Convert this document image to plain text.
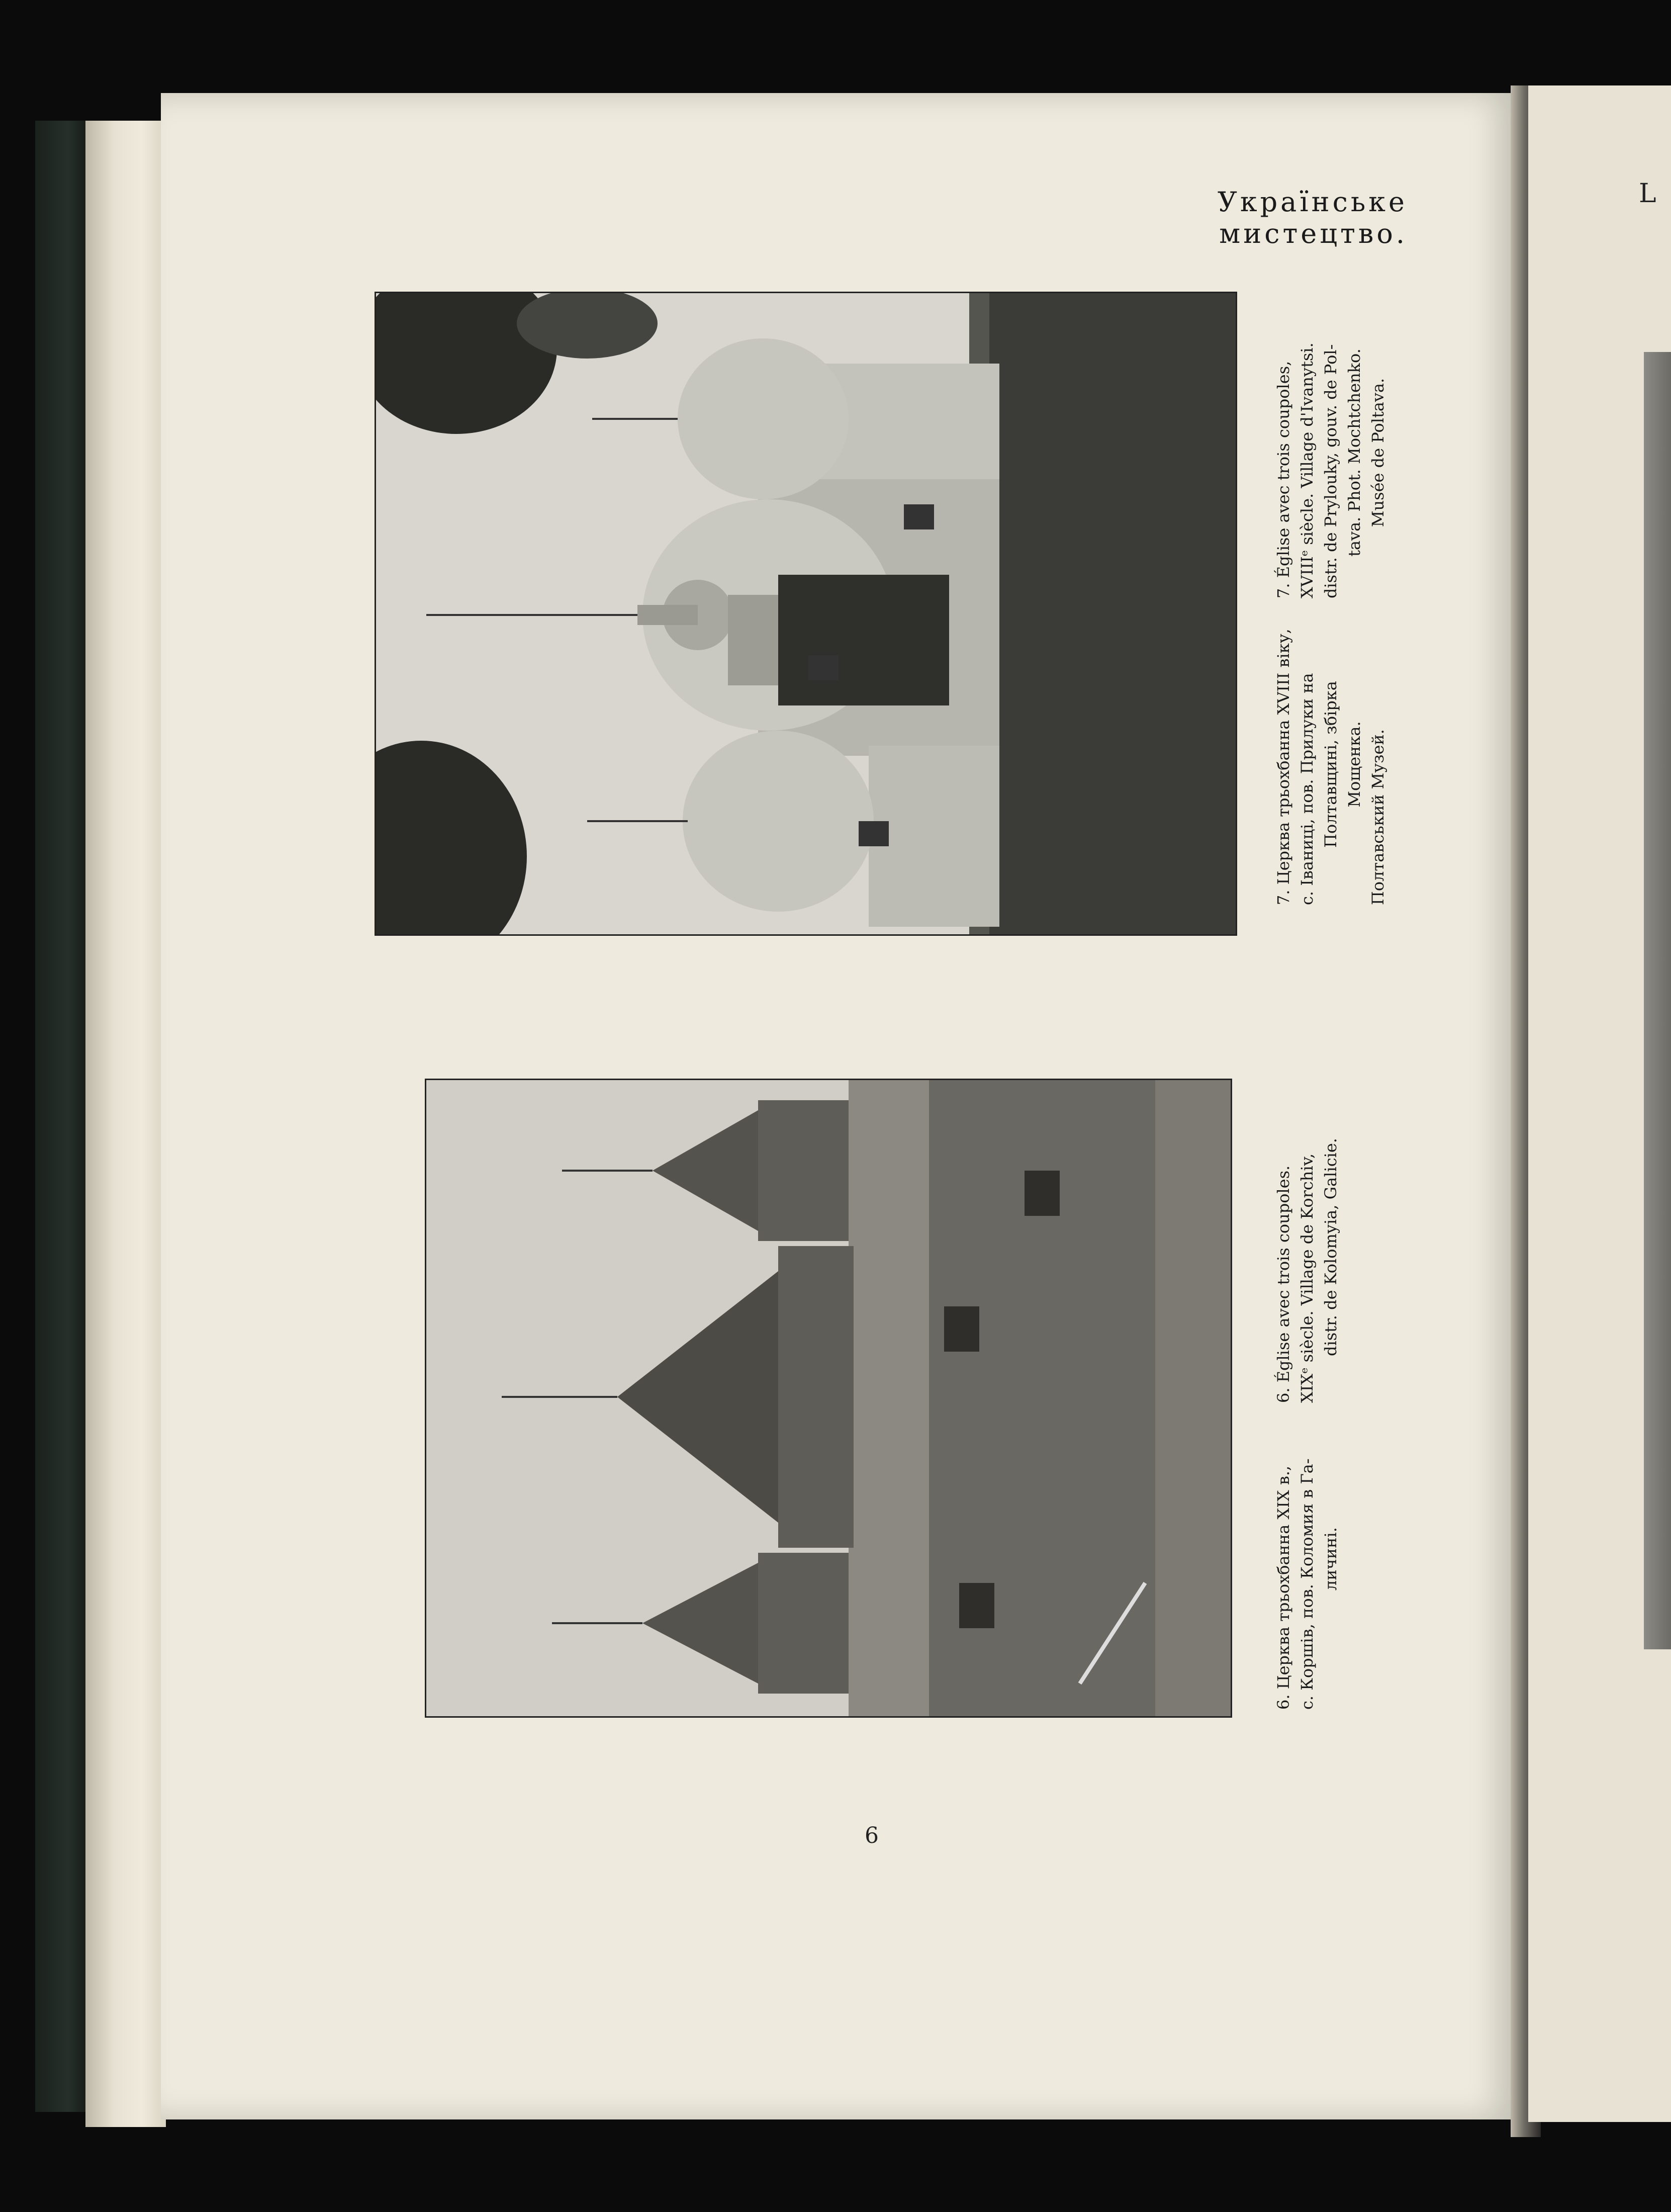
L
Українське мистецтво.
7. Церква трьохбанна XVIII віку, с. Іваниці, пов. Прилуки на Полтавщині, збірка Мощенка. Полтавський Музей.
7. Église avec trois coupoles, XVIIIᵉ siècle. Village d'Ivanytsi. distr. de Prylouky, gouv. de Pol- tava. Phot. Mochtchenko. Musée de Poltava.
6. Церква трьохбанна XIX в., с. Коршів, пов. Коломия в Га- личині.
6. Église avec trois coupoles. XIXᵉ siècle. Village de Korchiv, distr. de Kolomyia, Galicie.
6
